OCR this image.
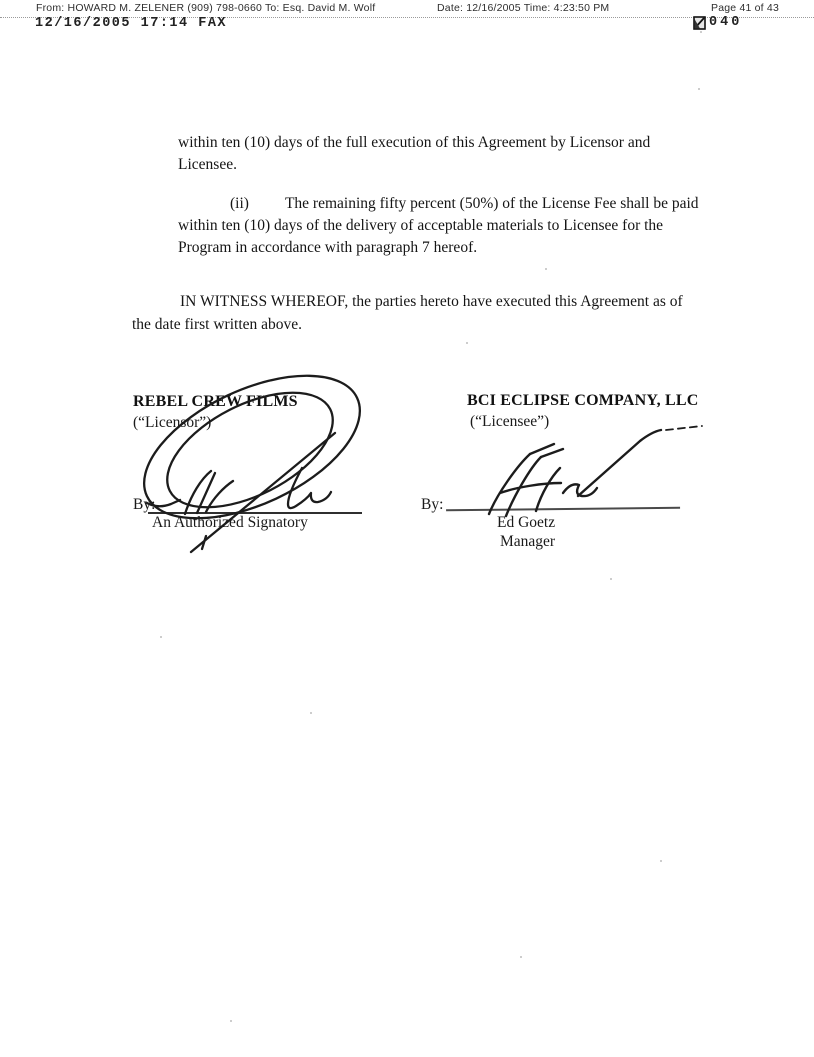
From: HOWARD M. ZELENER (909) 798-0660 To: Esq. David M. Wolf	Date: 12/16/2005 Time: 4:23:50 PM	Page 41 of 43
12/16/2005 17:14 FAX	040
within ten (10) days of the full execution of this Agreement by Licensor and
Licensee.
(ii) The remaining fifty percent (50%) of the License Fee shall be paid
within ten (10) days of the delivery of acceptable materials to Licensee for the
Program in accordance with paragraph 7 hereof.
IN WITNESS WHEREOF, the parties hereto have executed this Agreement as of
the date first written above.
REBEL CREW FILMS
(“Licensor”)
By:
An Authorized Signatory
BCI ECLIPSE COMPANY, LLC
(“Licensee”)
By:
Ed Goetz
Manager
